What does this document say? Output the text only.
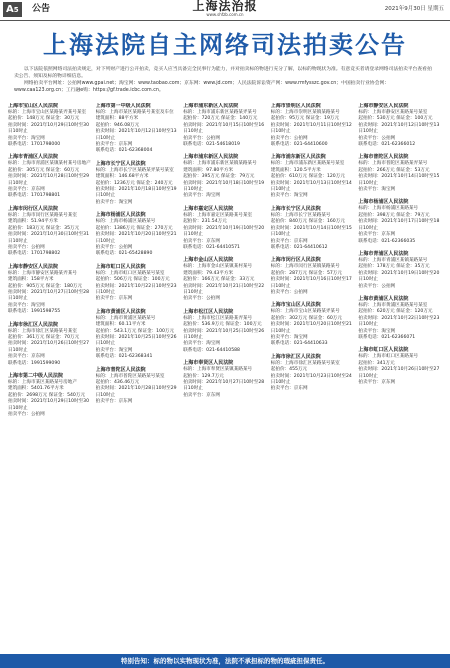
A5	公告	上海法治报
www.shfzb.com.cn
2021年9月30日 星期五
上海法院自主网络司法拍卖公告

以下法院依照网络司法拍卖规定，对下列财产进行公开拍卖，竞买人应当具备完全民事行为能力，并对拍卖标的物进行充分了解，以标的物现状为准。有意竞买者请登录网络司法拍卖平台查看拍卖公告、须知及标的物详细信息。

网络拍卖平台网址：公拍网www.gpai.net；淘宝网：www.taobao.com；京东网：www.jd.com；人民法院诉讼资产网：www.rmfysszc.gov.cn；中国拍卖行业协会网：www.caa123.org.cn；工行融e购：https://gf.trade.icbc.com.cn。

上海市宝山区人民法院
标的：上海市宝山区某路某弄某号某室
起拍价：148万元 保证金：30万元
拍卖时间：2021年10月29日10时至30日10时止
拍卖平台：淘宝网
联系电话：1701798000
上海市青浦区人民法院
标的：上海市青浦区某镇某村某号房地产
起拍价：305万元 保证金：60万元
拍卖时间：2021年10月28日10时至29日10时止
拍卖平台：京东网
联系电话：1701798801
上海市闵行区人民法院
标的：上海市闵行区某路某号某室
建筑面积：51.94平方米
起拍价：183万元 保证金：35万元
拍卖时间：2021年10月30日10时至31日10时止
拍卖平台：公拍网
联系电话：1701798802
上海市静安区人民法院
标的：上海市静安区某路某弄某号
建筑面积：158平方米
起拍价：905万元 保证金：180万元
拍卖时间：2021年10月27日10时至28日10时止
拍卖平台：淘宝网
联系电话：1991598755
上海市徐汇区人民法院
标的：上海市徐汇区某路某号某室
起拍价：361万元 保证金：70万元
拍卖时间：2021年10月26日10时至27日10时止
拍卖平台：京东网
联系电话：1991599090
上海市第二中级人民法院
标的：上海市某区某路某号房地产
建筑面积：5401.76平方米
起拍价：2698万元 保证金：540万元
拍卖时间：2021年10月29日10时至30日10时止
拍卖平台：公拍网
上海市第一中级人民法院
标的：上海市某区某路某号某室及车位
建筑面积：88平方米
起拍价：946.08万元
拍卖时间：2021年10月12日10时至13日10时止
拍卖平台：京东网
联系电话：021-62368004
上海市长宁区人民法院
标的：上海市长宁区某路某弄某号某室
建筑面积：146.68平方米
起拍价：1236万元 保证金：240万元
拍卖时间：2021年10月18日10时至19日10时止
拍卖平台：淘宝网
上海市杨浦区人民法院
标的：上海市杨浦区某路某号
起拍价：1386万元 保证金：270万元
拍卖时间：2021年10月20日10时至21日10时止
拍卖平台：公拍网
联系电话：021-65428890
上海市虹口区人民法院
标的：上海市虹口区某路某号某室
起拍价：506万元 保证金：100万元
拍卖时间：2021年10月22日10时至23日10时止
拍卖平台：京东网
上海市黄浦区人民法院
标的：上海市黄浦区某路某号
建筑面积：60.11平方米
起拍价：543.1万元 保证金：100万元
拍卖时间：2021年10月25日10时至26日10时止
拍卖平台：淘宝网
联系电话：021-62368341
上海市普陀区人民法院
标的：上海市普陀区某路某号某室
起拍价：436.46万元
拍卖时间：2021年10月28日10时至29日10时止
拍卖平台：京东网
上海市浦东新区人民法院
标的：上海市浦东新区某路某弄某号
起拍价：720万元 保证金：140万元
拍卖时间：2021年10月15日10时至16日10时止
拍卖平台：公拍网
联系电话：021-54618019
上海市浦东新区人民法院
标的：上海市浦东新区某镇某路某号
建筑面积：97.80平方米
起拍价：395万元 保证金：79万元
拍卖时间：2021年10月18日10时至19日10时止
拍卖平台：淘宝网
上海市嘉定区人民法院
标的：上海市嘉定区某路某号某室
起拍价：231.54万元
拍卖时间：2021年10月19日10时至20日10时止
拍卖平台：京东网
联系电话：021-64410571
上海市金山区人民法院
标的：上海市金山区某镇某村某号
建筑面积：79.43平方米
起拍价：166万元 保证金：33万元
拍卖时间：2021年10月21日10时至22日10时止
拍卖平台：公拍网
上海市松江区人民法院
标的：上海市松江区某路某弄某号
起拍价：536.9万元 保证金：100万元
拍卖时间：2021年10月25日10时至26日10时止
拍卖平台：淘宝网
联系电话：021-64410588
上海市奉贤区人民法院
标的：上海市奉贤区某镇某路某号
起拍价：129.7万元
拍卖时间：2021年10月27日10时至28日10时止
拍卖平台：京东网
上海市崇明区人民法院
标的：上海市崇明区某镇某路某号
起拍价：95万元 保证金：19万元
拍卖时间：2021年10月11日10时至12日10时止
拍卖平台：公拍网
联系电话：021-64410600
上海市浦东新区人民法院
标的：上海市浦东新区某路某号某室
建筑面积：120.5平方米
起拍价：610万元 保证金：120万元
拍卖时间：2021年10月13日10时至14日10时止
拍卖平台：淘宝网
上海市长宁区人民法院
标的：上海市长宁区某路某号
起拍价：840万元 保证金：160万元
拍卖时间：2021年10月14日10时至15日10时止
拍卖平台：京东网
联系电话：021-64410612
上海市闵行区人民法院
标的：上海市闵行区某镇某路某号
起拍价：287万元 保证金：57万元
拍卖时间：2021年10月16日10时至17日10时止
拍卖平台：公拍网
上海市宝山区人民法院
标的：上海市宝山区某路某弄某号
起拍价：302万元 保证金：60万元
拍卖时间：2021年10月20日10时至21日10时止
拍卖平台：淘宝网
联系电话：021-64410633
上海市徐汇区人民法院
标的：上海市徐汇区某路某号某室
起拍价：455万元
拍卖时间：2021年10月23日10时至24日10时止
拍卖平台：京东网
上海市静安区人民法院
标的：上海市静安区某路某号某室
起拍价：530万元 保证金：100万元
拍卖时间：2021年10月12日10时至13日10时止
拍卖平台：公拍网
联系电话：021-62366012
上海市普陀区人民法院
标的：上海市普陀区某路某弄某号
起拍价：266万元 保证金：53万元
拍卖时间：2021年10月14日10时至15日10时止
拍卖平台：淘宝网
上海市杨浦区人民法院
标的：上海市杨浦区某路某号
起拍价：398万元 保证金：79万元
拍卖时间：2021年10月17日10时至18日10时止
拍卖平台：京东网
联系电话：021-62366035
上海市青浦区人民法院
标的：上海市青浦区某镇某路某号
起拍价：178万元 保证金：35万元
拍卖时间：2021年10月19日10时至20日10时止
拍卖平台：公拍网
上海市黄浦区人民法院
标的：上海市黄浦区某路某号某室
起拍价：620万元 保证金：120万元
拍卖时间：2021年10月22日10时至23日10时止
拍卖平台：淘宝网
联系电话：021-62366071
上海市虹口区人民法院
标的：上海市虹口区某路某号
起拍价：341万元
拍卖时间：2021年10月26日10时至27日10时止
拍卖平台：京东网
特别告知：标的物以实物现状为准，法院不承担标的物的瑕疵担保责任。
